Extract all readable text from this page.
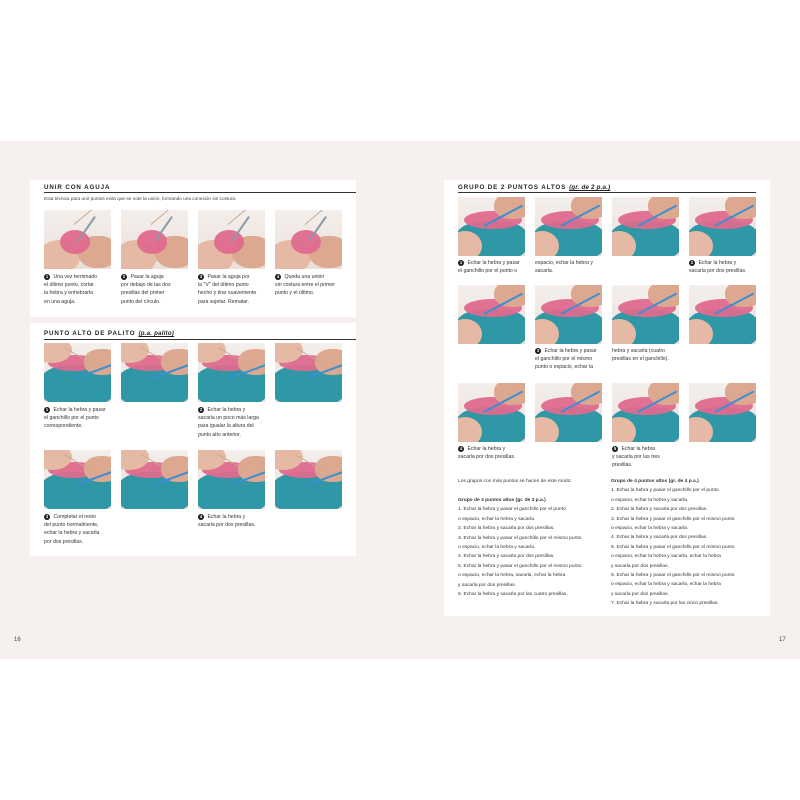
UNIR CON AGUJA
Esta técnica para unir puntos evita que se note la unión, formando una conexión sin costura.
1 Una vez terminado
el último punto, cortar
la hebra y enhebrarla
en una aguja.
2 Pasar la aguja
por debajo de las dos
presillas del primer
punto del círculo.
3 Pasar la aguja por
la "V" del último punto
hecho y tirar suavemente
para sujetar. Rematar.
4 Queda una unión
sin costura entre el primer
punto y el último.
PUNTO ALTO DE PALITO (p.a. palito)
1 Echar la hebra y pasar
el ganchillo por el punto
correspondiente.
2 Echar la hebra y
sacarla un poco más larga
para igualar la altura del
punto alto anterior.
3 Completar el resto
del punto normalmente,
echar la hebra y sacarla
por dos presillas.
4 Echar la hebra y
sacarla por dos presillas.
16
GRUPO DE 2 PUNTOS ALTOS (gr. de 2 p.a.)
1 Echar la hebra y pasar
el ganchillo por el punto o
espacio, echar la hebra y
sacarla.
2 Echar la hebra y
sacarla por dos presillas.
3 Echar la hebra y pasar
el ganchillo por el mismo
punto o espacio, echar la
hebra y sacarla (cuatro
presillas en el ganchillo).
4 Echar la hebra y
sacarla por dos presillas.
5 Echar la hebra
y sacarla por las tres
presillas.
Los grupos con más puntos se hacen de este modo:
Grupo de 3 puntos altos (gr. de 3 p.a.)
1. Echar la hebra y pasar el ganchillo por el punto
o espacio, echar la hebra y sacarla.
2. Echar la hebra y sacarla por dos presillas.
3. Echar la hebra y pasar el ganchillo por el mismo punto
o espacio, echar la hebra y sacarla.
4. Echar la hebra y sacarla por dos presillas.
5. Echar la hebra y pasar el ganchillo por el mismo punto
o espacio, echar la hebra, sacarla, echar la hebra
y sacarla por dos presillas.
6. Echar la hebra y sacarla por las cuatro presillas.
Grupo de 4 puntos altos (gr. de 4 p.a.)
1. Echar la hebra y pasar el ganchillo por el punto
o espacio, echar la hebra y sacarla.
2. Echar la hebra y sacarla por dos presillas.
3. Echar la hebra y pasar el ganchillo por el mismo punto
o espacio, echar la hebra y sacarla.
4. Echar la hebra y sacarla por dos presillas.
5. Echar la hebra y pasar el ganchillo por el mismo punto
o espacio, echar la hebra y sacarla, echar la hebra
y sacarla por dos presillas.
6. Echar la hebra y pasar el ganchillo por el mismo punto
o espacio, echar la hebra y sacarla, echar la hebra
y sacarla por dos presillas.
7. Echar la hebra y sacarla por las cinco presillas.
17
